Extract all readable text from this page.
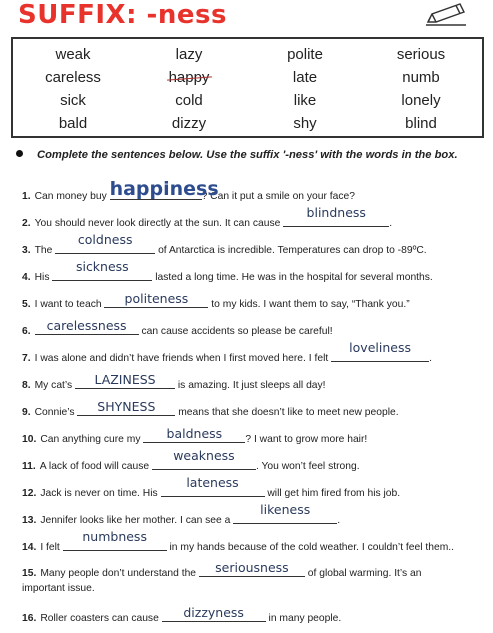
SUFFIX: -ness
weak	lazy	polite	serious
careless	happy	late	numb
sick	cold	like	lonely
bald	dizzy	shy	blind
Complete the sentences below. Use the suffix '-ness' with the words in the box.
1. Can money buy happiness
? Can it put a smile on your face?
2. You should never look directly at the sun. It can cause
blindness
.
3. The
coldness
of Antarctica is incredible. Temperatures can drop to -89ºC.
4. His
sickness
lasted a long time. He was in the hospital for several months.
5. I want to teach	politeness	to my kids. I want them to say, “Thank you.”
6.	carelessness	can cause accidents so please be careful!
7. I was alone and didn’t have friends when I first moved here. I felt
loveliness
.
8. My cat’s	LAZINESS	is amazing. It just sleeps all day!
9. Connie’s	SHYNESS	means that she doesn’t like to meet new people.
10. Can anything cure my	baldness	? I want to grow more hair!
11. A lack of food will cause
weakness
. You won’t feel strong.
12. Jack is never on time. His
lateness
will get him fired from his job.
13. Jennifer looks like her mother. I can see a
likeness
.
14. I felt
numbness
in my hands because of the cold weather. I couldn’t feel them..
15. Many people don’t understand the	seriousness	of global warming. It’s an important issue.
16. Roller coasters can cause	dizzyness	in many people.
